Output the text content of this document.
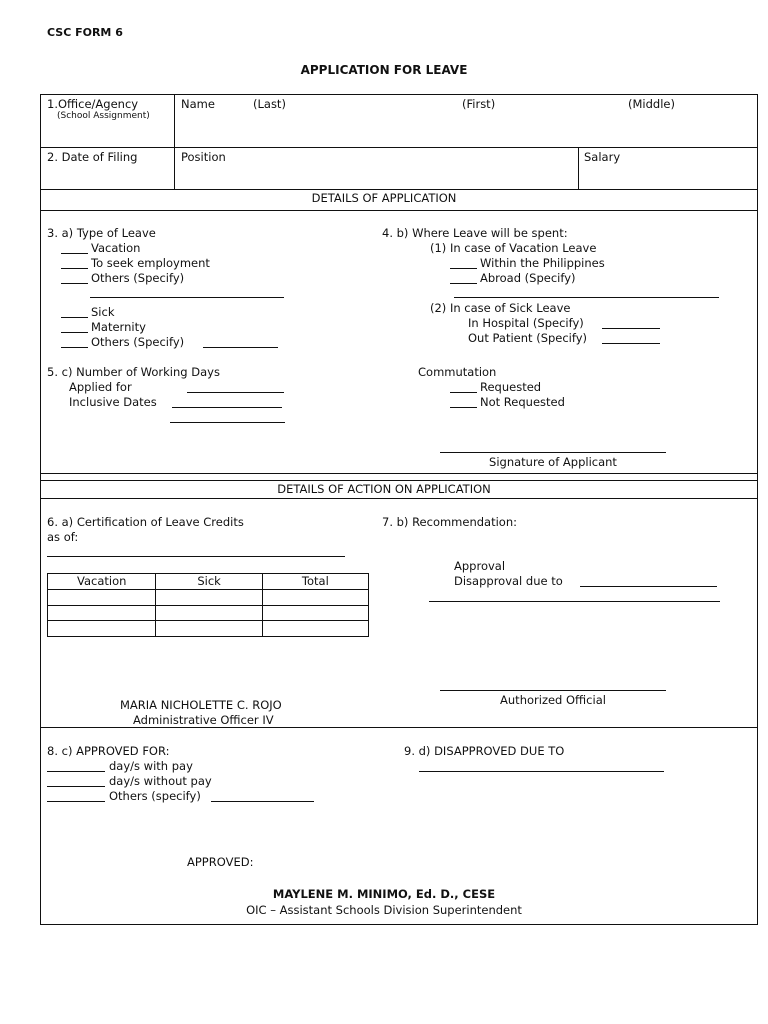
CSC FORM 6
APPLICATION FOR LEAVE
1.Office/Agency
(School Assignment)
Name	(Last)	(First)	(Middle)
2. Date of Filing	Position	Salary
DETAILS OF APPLICATION
3. a) Type of Leave
Vacation
To seek employment
Others (Specify)
Sick
Maternity
Others (Specify)
4. b) Where Leave will be spent:
(1) In case of Vacation Leave
Within the Philippines
Abroad (Specify)
(2) In case of Sick Leave
In Hospital (Specify)
Out Patient (Specify)
5. c) Number of Working Days
Applied for
Inclusive Dates
Commutation
Requested
Not Requested
Signature of Applicant
DETAILS OF ACTION ON APPLICATION
6. a) Certification of Leave Credits
as of:
Vacation	Sick	Total

MARIA NICHOLETTE C. ROJO
Administrative Officer IV
7. b) Recommendation:
Approval
Disapproval due to
Authorized Official
8. c) APPROVED FOR:
day/s with pay
day/s without pay
Others (specify)
9. d) DISAPPROVED DUE TO
APPROVED:
MAYLENE M. MINIMO, Ed. D., CESE
OIC – Assistant Schools Division Superintendent
